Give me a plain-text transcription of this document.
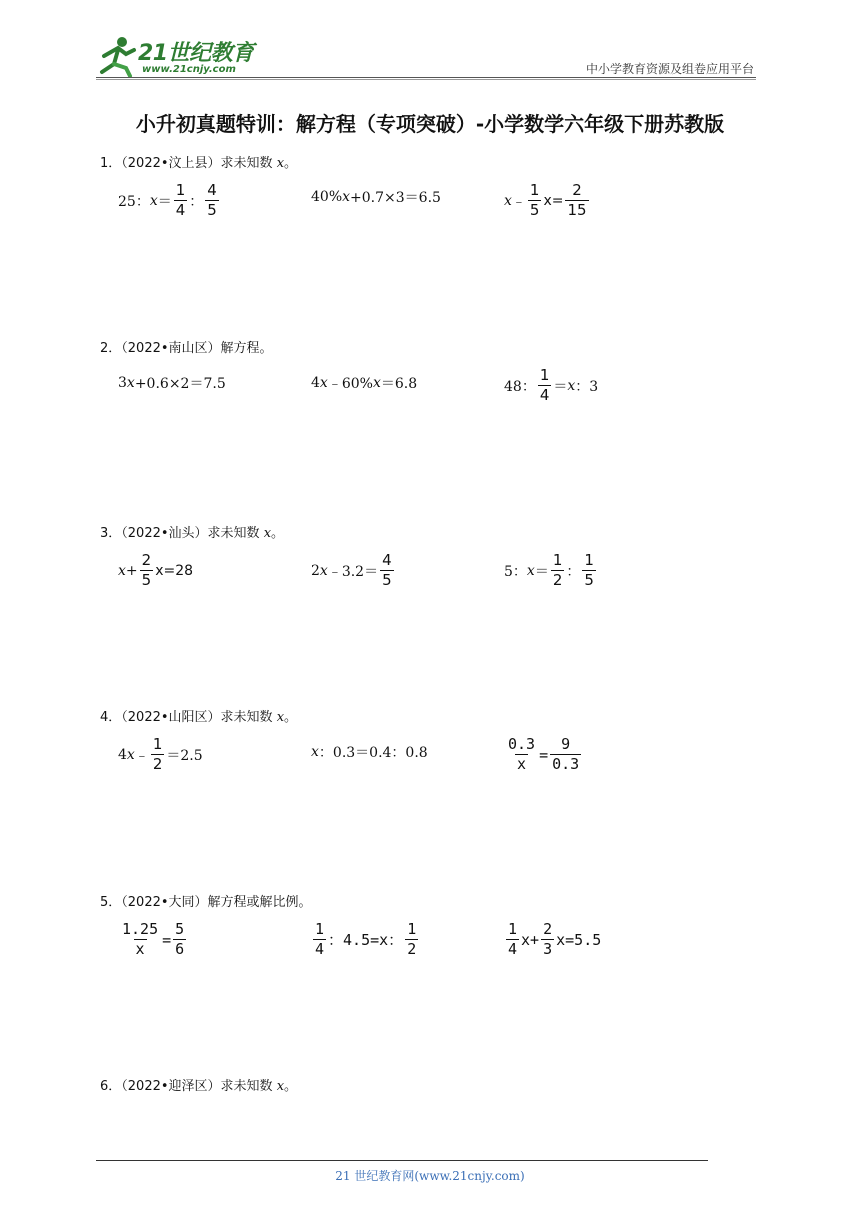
21世纪教育
www.21cnjy.com	中小学教育资源及组卷应用平台
小升初真题特训：解方程（专项突破）-小学数学六年级下册苏教版
1．（2022•汶上县）求未知数 x。
25： $x = \frac{1}{4}$ ： $\frac{4}{5}$	40% x +0.7×3＝6.5	x ﹣ $\frac{1}{5} x= \frac{2}{15}$
2．（2022•南山区）解方程。
3 x +0.6×2＝7.5	4 x ﹣60% x ＝6.8	48： $\frac{1}{4} = x$ ：3
3．（2022•汕头）求未知数 x。
$x + \frac{2}{5} x=28$	2 x ﹣3.2＝ $\frac{4}{5}$	5： $x = \frac{1}{2}$ ： $\frac{1}{5}$
4．（2022•山阳区）求未知数 x。
4 x ﹣ $\frac{1}{2} =2.5$	x ：0.3＝0.4：0.8	$\frac{0.3}{x} = \frac{9}{0.3}$
5．（2022•大同）解方程或解比例。
$\frac{1.25}{x} = \frac{5}{6}$	$\frac{1}{4}$ ：4.5=x： $\frac{1}{2}$	$\frac{1}{4} x+ \frac{2}{3} x=5.5$
6．（2022•迎泽区）求未知数 x。
21 世纪教育网(www.21cnjy.com)
